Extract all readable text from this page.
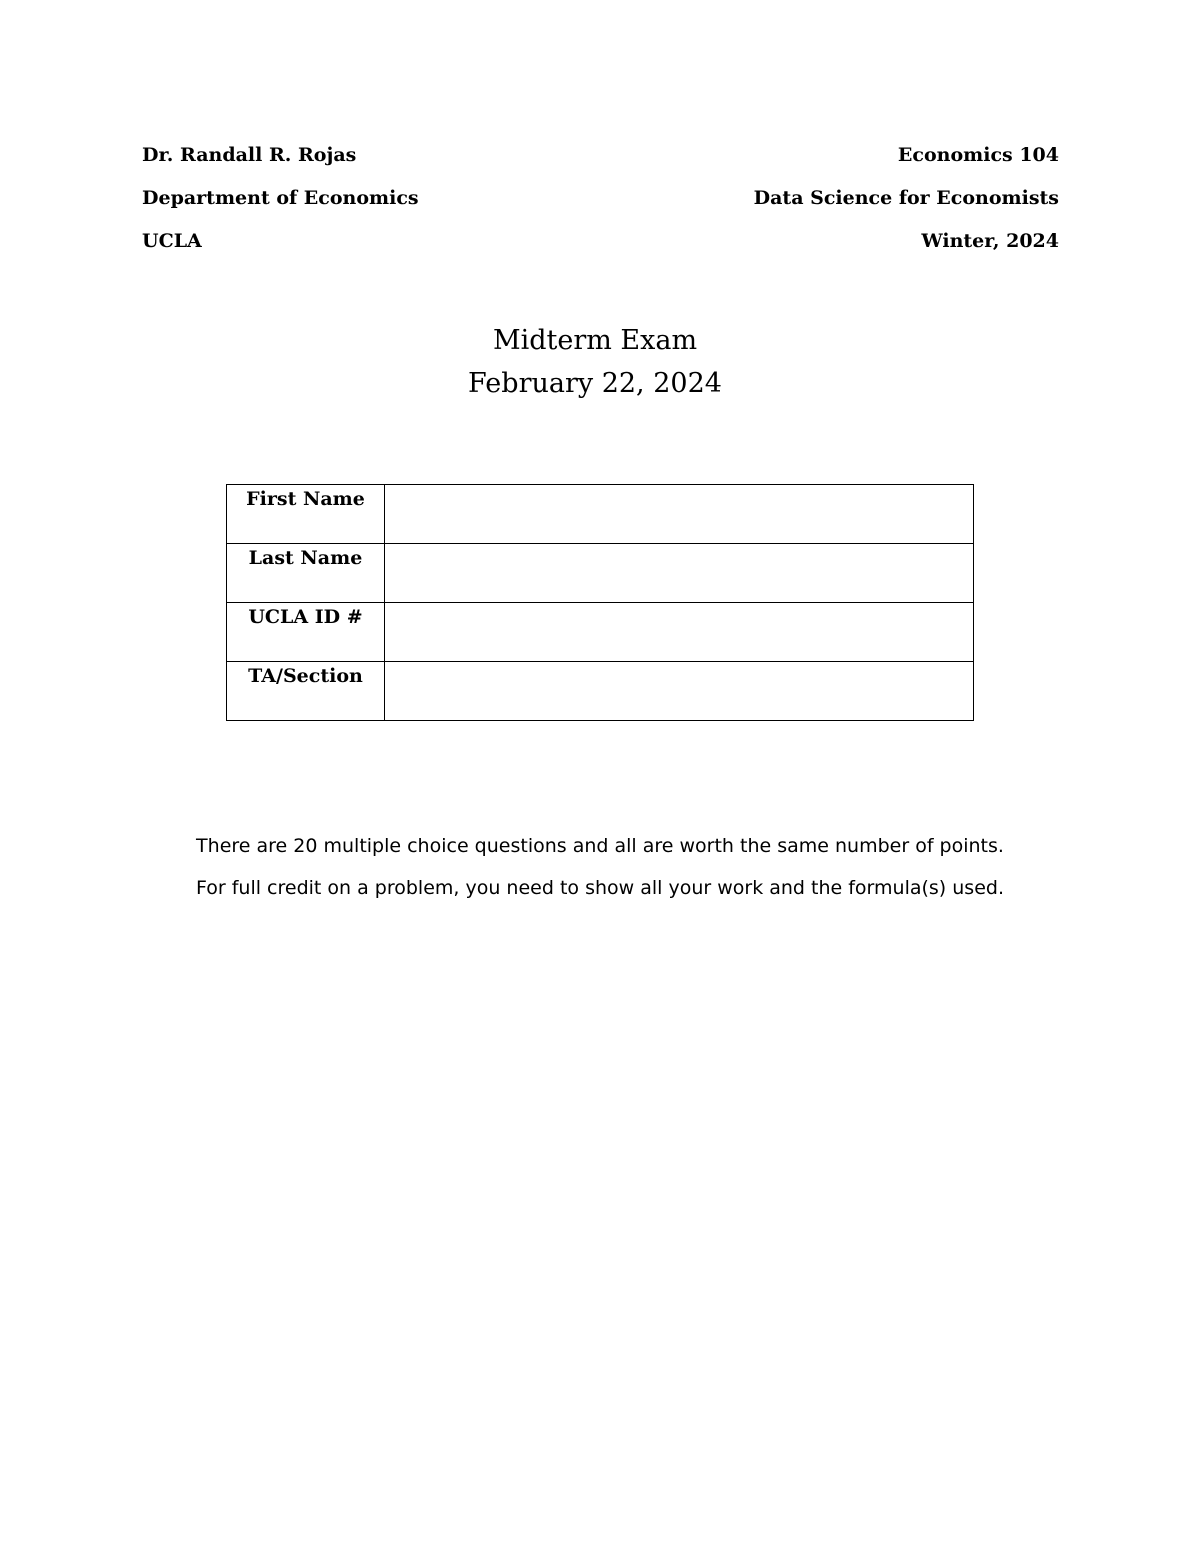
Dr. Randall R. Rojas
Department of Economics
UCLA
Economics 104
Data Science for Economists
Winter, 2024
Midterm Exam
February 22, 2024
First Name	

Last Name	

UCLA ID #	

TA/Section	
There are 20 multiple choice questions and all are worth the same number of points.
For full credit on a problem, you need to show all your work and the formula(s) used.
